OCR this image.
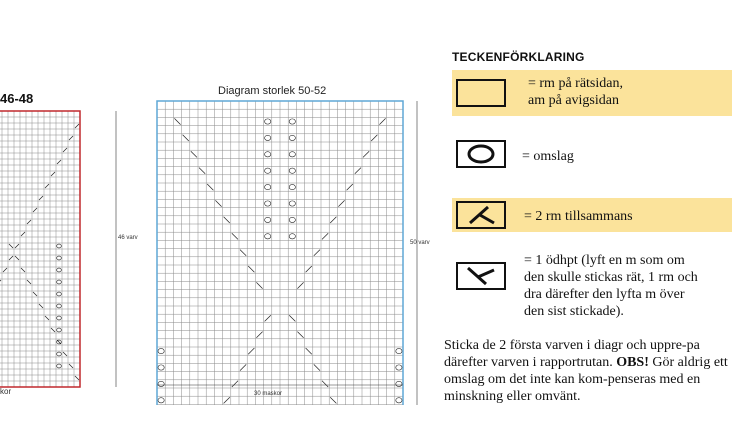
46-48
46 varv
kor
Diagram storlek 50-52
50 varv
30 maskor
TECKENFÖRKLARING
= rm på rätsidan,
am på avigsidan
= omslag
= 2 rm tillsammans
= 1 ödhpt (lyft en m som om
den skulle stickas rät, 1 rm och
dra därefter den lyfta m över
den sist stickade).
Sticka de 2 första varven i diagr och uppre-pa därefter varven i rapportrutan. OBS! Gör aldrig ett omslag om det inte kan kom-penseras med en minskning eller omvänt.
